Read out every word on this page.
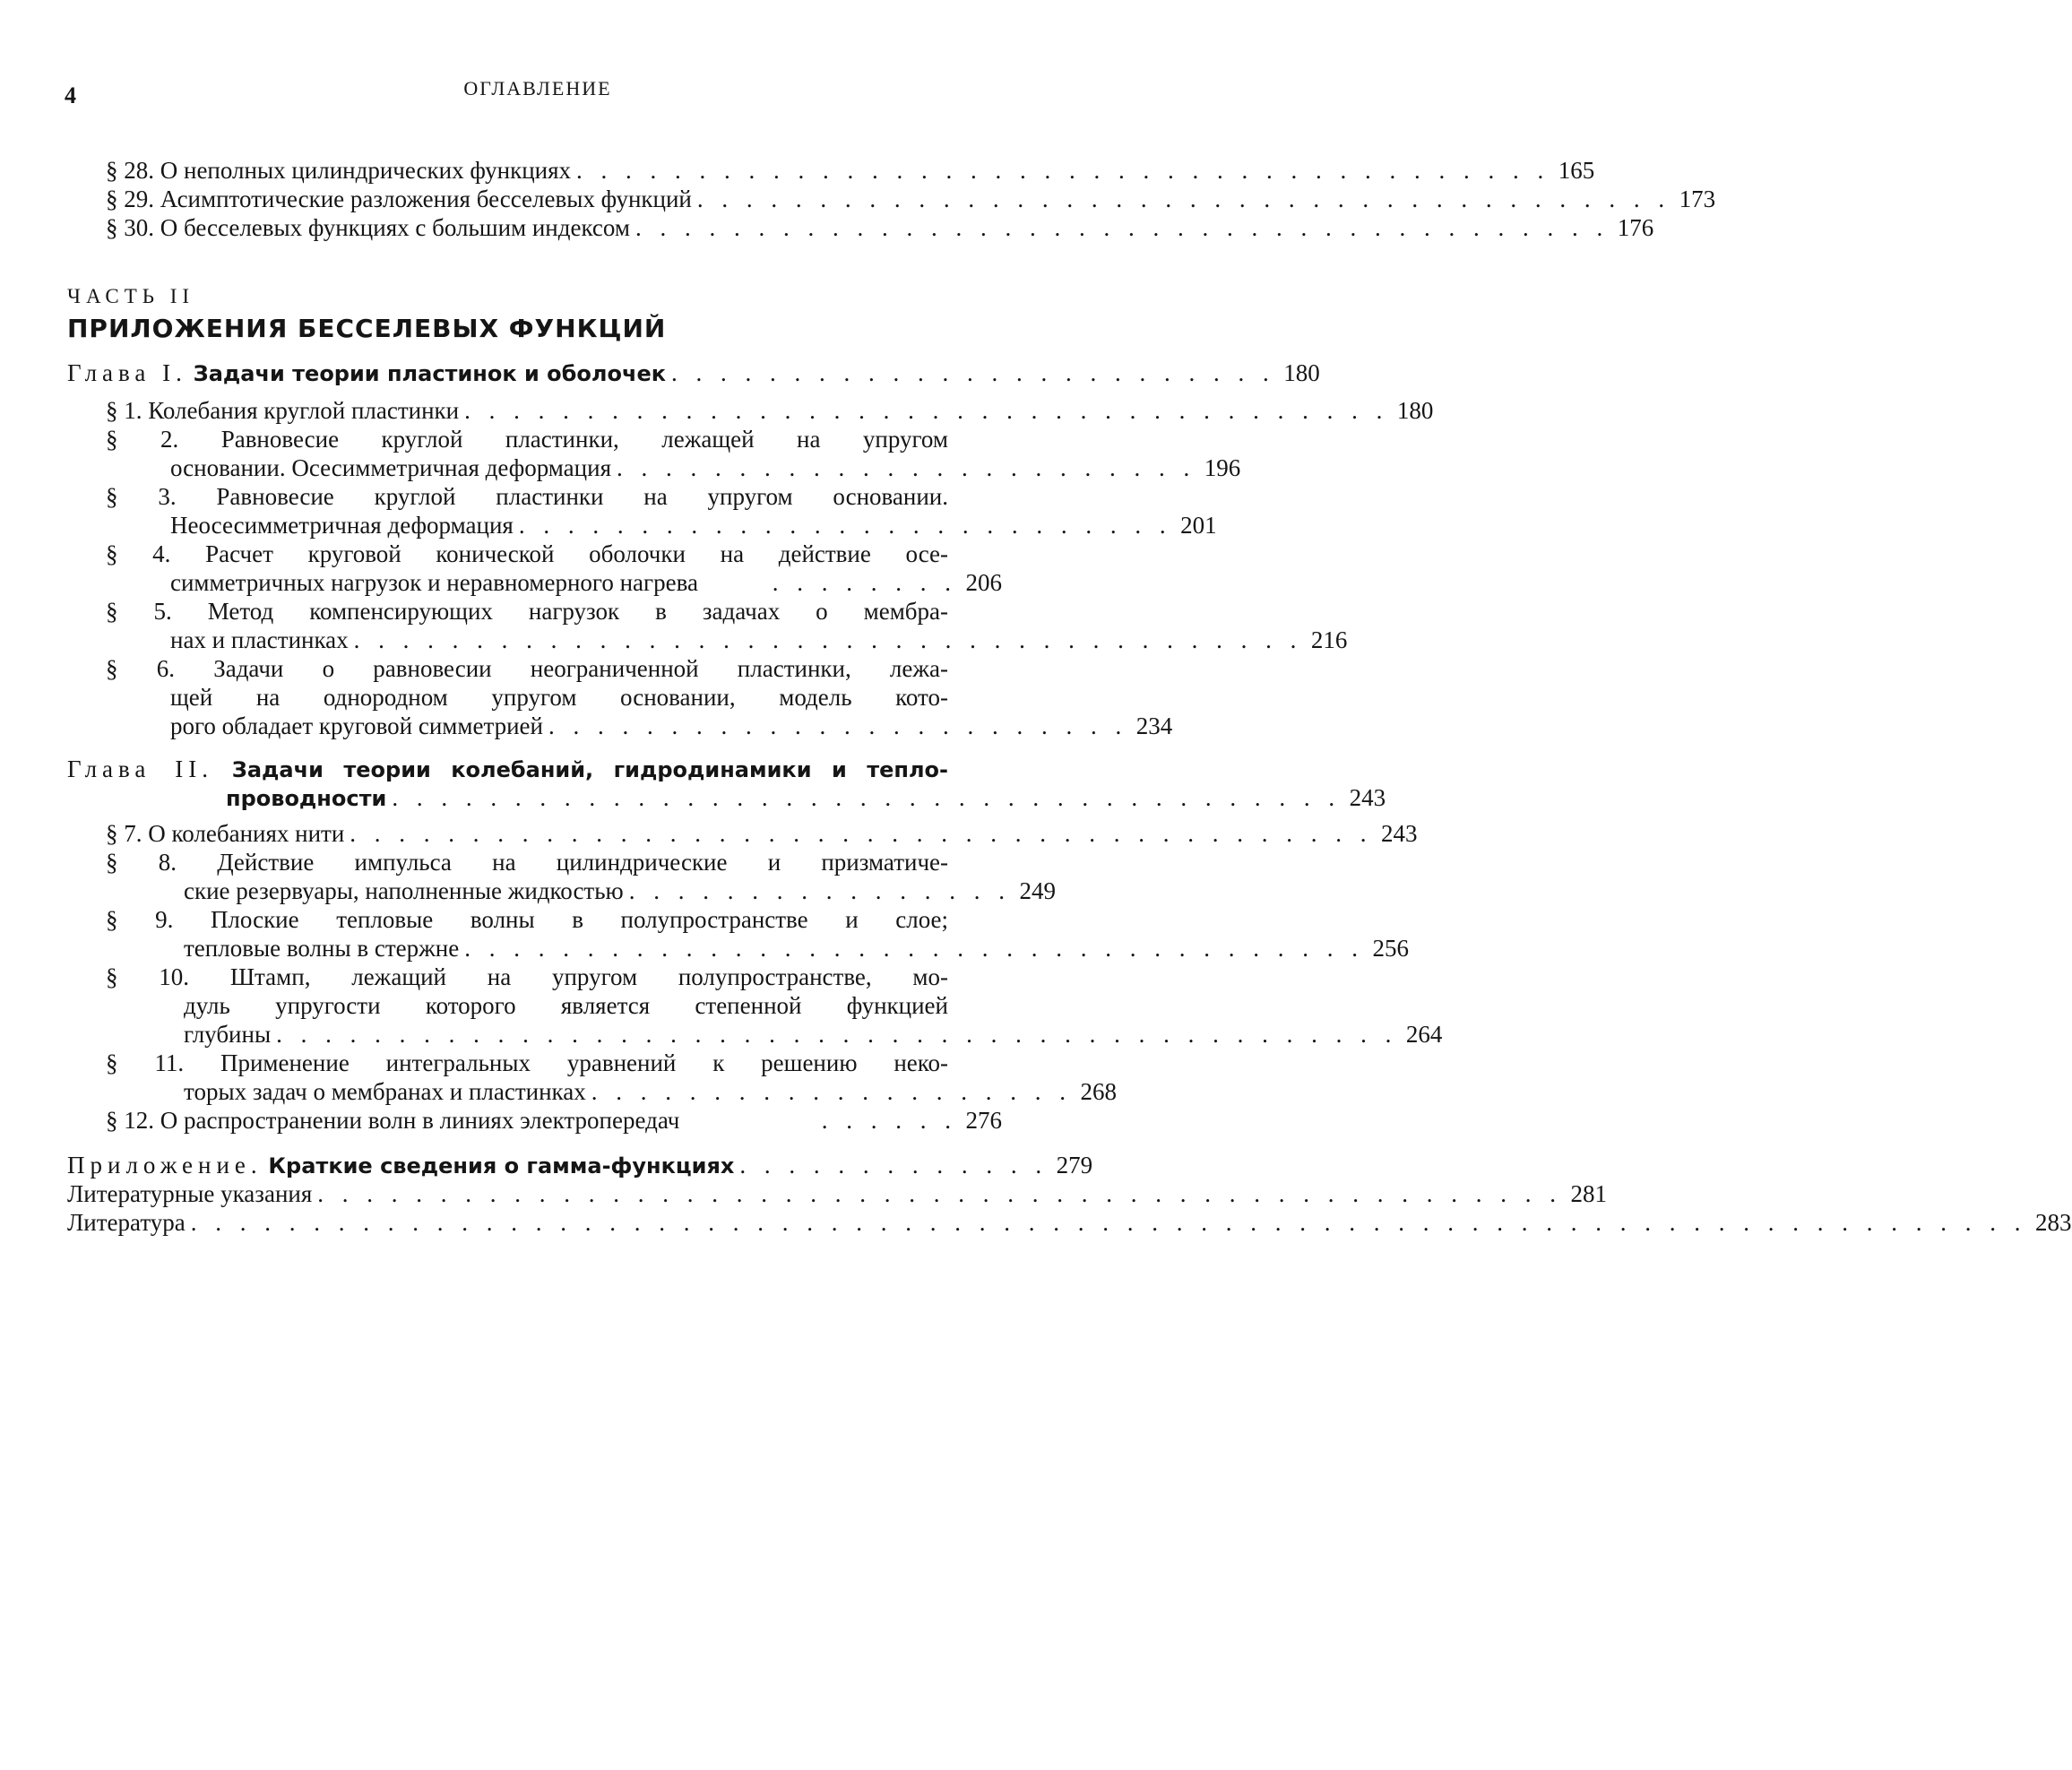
4	ОГЛАВЛЕНИЕ
§ 28. О неполных цилиндрических функциях . . . . . . . . . . . . . . . . . . . . . . . . . . . . . . . . . . . . . . . . 165
§ 29. Асимптотические разложения бесселевых функций . . . . . . . . . . . . . . . . . . . . . . . . . . . . . . . . . . . . . . . . 173
§ 30. О бесселевых функциях с большим индексом . . . . . . . . . . . . . . . . . . . . . . . . . . . . . . . . . . . . . . . . 176
ЧАСТЬ II
ПРИЛОЖЕНИЯ БЕССЕЛЕВЫХ ФУНКЦИЙ
Глава I. Задачи теории пластинок и оболочек . . . . . . . . . . . . . . . . . . . . . . . . . 180
§ 1. Колебания круглой пластинки . . . . . . . . . . . . . . . . . . . . . . . . . . . . . . . . . . . . . . 180
§ 2. Равновесие круглой пластинки, лежащей на упругом
основании. Осесимметричная деформация . . . . . . . . . . . . . . . . . . . . . . . . 196
§ 3. Равновесие круглой пластинки на упругом основании.
Неосесимметричная деформация . . . . . . . . . . . . . . . . . . . . . . . . . . . 201
§ 4. Расчет круговой конической оболочки на действие осе-
симметричных нагрузок и неравномерного нагрева	. . . . . . . . 206
§ 5. Метод компенсирующих нагрузок в задачах о мембра-
нах и пластинках . . . . . . . . . . . . . . . . . . . . . . . . . . . . . . . . . . . . . . . 216
§ 6. Задачи о равновесии неограниченной пластинки, лежа-
щей на однородном упругом основании, модель кото-
рого обладает круговой симметрией . . . . . . . . . . . . . . . . . . . . . . . . 234
Глава II. Задачи теории колебаний, гидродинамики и тепло-
проводности . . . . . . . . . . . . . . . . . . . . . . . . . . . . . . . . . . . . . . . 243
§ 7. О колебаниях нити . . . . . . . . . . . . . . . . . . . . . . . . . . . . . . . . . . . . . . . . . . 243
§ 8. Действие импульса на цилиндрические и призматиче-
ские резервуары, наполненные жидкостью . . . . . . . . . . . . . . . . 249
§ 9. Плоские тепловые волны в полупространстве и слое;
тепловые волны в стержне . . . . . . . . . . . . . . . . . . . . . . . . . . . . . . . . . . . . . 256
§ 10. Штамп, лежащий на упругом полупространстве, мо-
дуль упругости которого является степенной функцией
глубины . . . . . . . . . . . . . . . . . . . . . . . . . . . . . . . . . . . . . . . . . . . . . . 264
§ 11. Применение интегральных уравнений к решению неко-
торых задач о мембранах и пластинках . . . . . . . . . . . . . . . . . . . . 268
§ 12. О распространении волн в линиях электропередач	. . . . . . 276
Приложение. Краткие сведения о гамма-функциях . . . . . . . . . . . . . 279
Литературные указания . . . . . . . . . . . . . . . . . . . . . . . . . . . . . . . . . . . . . . . . . . . . . . . . . . . 281
Литература . . . . . . . . . . . . . . . . . . . . . . . . . . . . . . . . . . . . . . . . . . . . . . . . . . . . . . . . . . . . . . . . . . . . . . . . . . . 283
